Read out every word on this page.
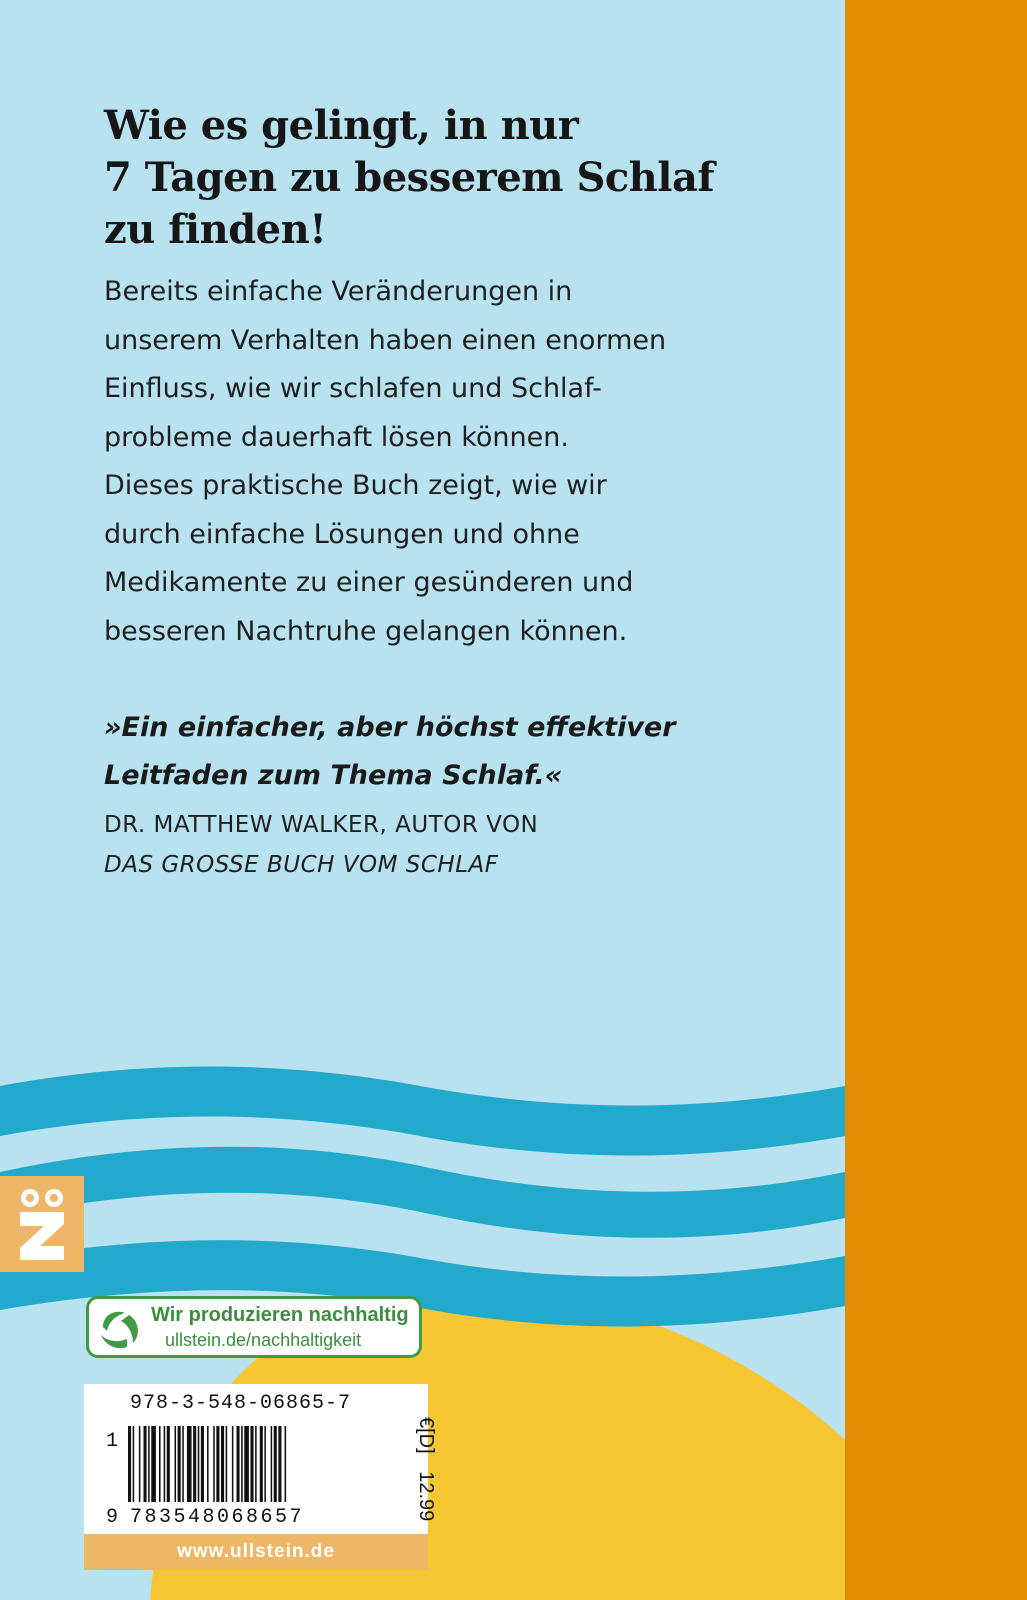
Wie es gelingt, in nur
7 Tagen zu besserem Schlaf
zu finden!

Bereits einfache Veränderungen in
unserem Verhalten haben einen enormen
Einfluss, wie wir schlafen und Schlaf-
probleme dauerhaft lösen können.
Dieses praktische Buch zeigt, wie wir
durch einfache Lösungen und ohne
Medikamente zu einer gesünderen und
besseren Nachtruhe gelangen können.

»Ein einfacher, aber höchst effektiver
Leitfaden zum Thema Schlaf.«

DR. MATTHEW WALKER, AUTOR VON
DAS GROSSE BUCH VOM SCHLAF
Wir produzieren nachhaltig
ullstein.de/nachhaltigkeit
978-3-548-06865-7
1
9 783548068657
€[D] 12.99
www.ullstein.de
